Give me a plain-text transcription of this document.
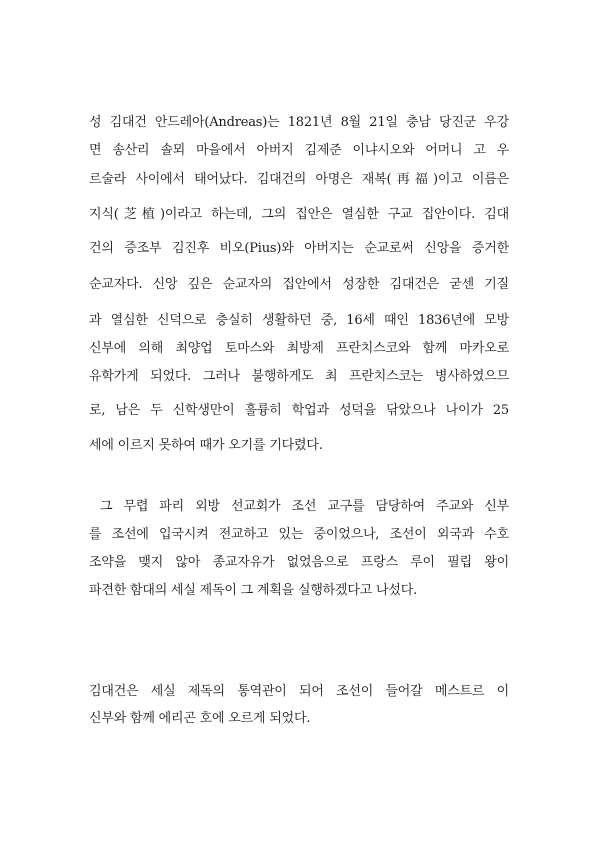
성 김대건 안드레아(Andreas)는 1821년 8월 21일 충남 당진군 우강
면 송산리 솔뫼 마을에서 아버지 김제준 이냐시오와 어머니 고 우
르술라 사이에서 태어났다. 김대건의 아명은 재복(再福)이고 이름은
지식(芝植)이라고 하는데, 그의 집안은 열심한 구교 집안이다. 김대
건의 증조부 김진후 비오(Pius)와 아버지는 순교로써 신앙을 증거한
순교자다. 신앙 깊은 순교자의 집안에서 성장한 김대건은 굳센 기질
과 열심한 신덕으로 충실히 생활하던 중, 16세 때인 1836년에 모방
신부에 의해 최양업 토마스와 최방제 프란치스코와 함께 마카오로
유학가게 되었다. 그러나 불행하게도 최 프란치스코는 병사하였으므
로, 남은 두 신학생만이 훌륭히 학업과 성덕을 닦았으나 나이가 25
세에 이르지 못하여 때가 오기를 기다렸다.
그 무렵 파리 외방 선교회가 조선 교구를 담당하여 주교와 신부
를 조선에 입국시켜 전교하고 있는 중이었으나, 조선이 외국과 수호
조약을 맺지 않아 종교자유가 없었음으로 프랑스 루이 필립 왕이
파견한 함대의 세실 제독이 그 계획을 실행하겠다고 나섰다.
김대건은 세실 제독의 통역관이 되어 조선이 들어갈 메스트르 이
신부와 함께 에리곤 호에 오르게 되었다.
